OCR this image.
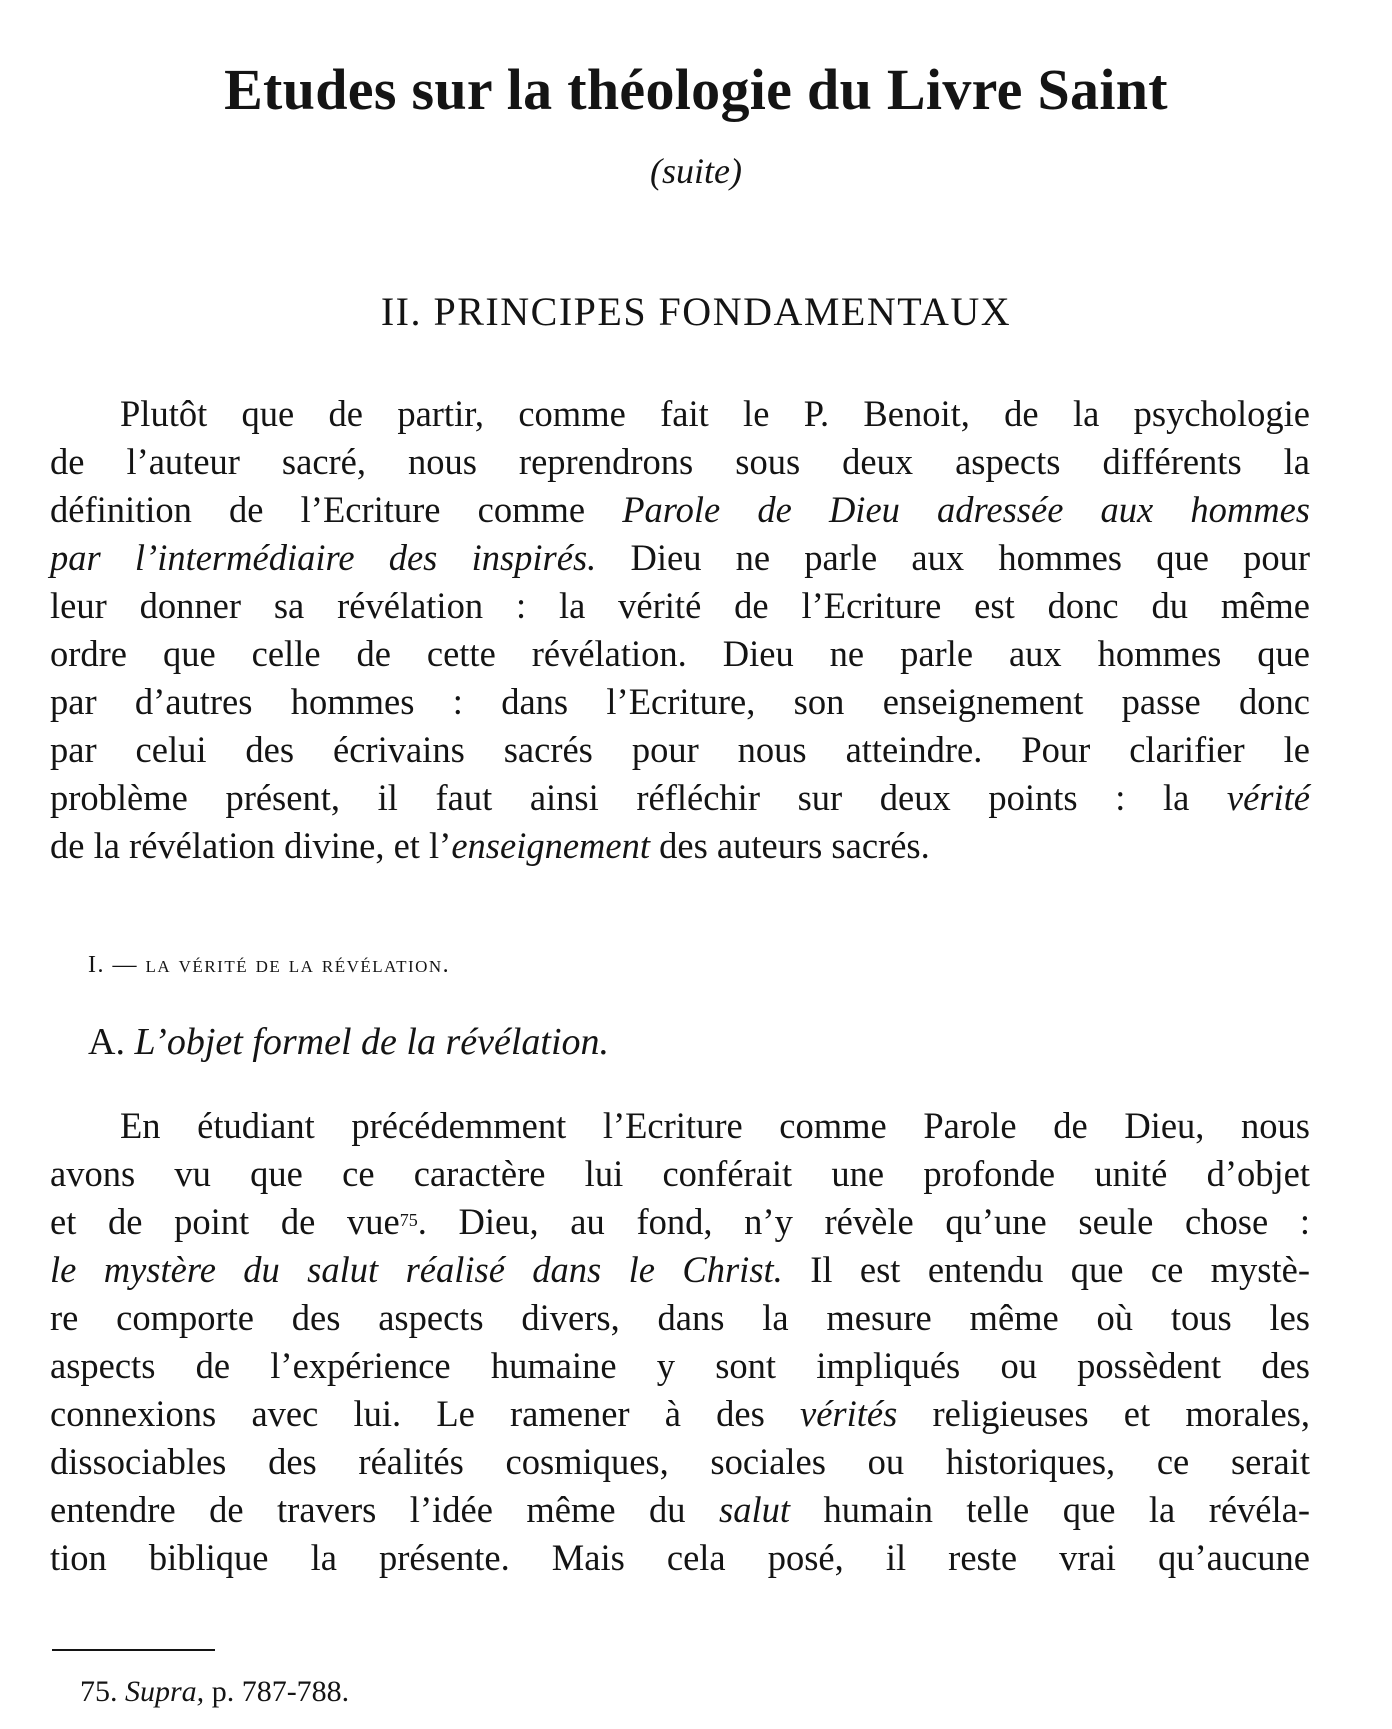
Etudes sur la théologie du Livre Saint
(suite)
II. PRINCIPES FONDAMENTAUX
Plutôt que de partir, comme fait le P. Benoit, de la psychologie
de l’auteur sacré, nous reprendrons sous deux aspects différents la
définition de l’Ecriture comme Parole de Dieu adressée aux hommes
par l’intermédiaire des inspirés. Dieu ne parle aux hommes que pour
leur donner sa révélation : la vérité de l’Ecriture est donc du même
ordre que celle de cette révélation. Dieu ne parle aux hommes que
par d’autres hommes : dans l’Ecriture, son enseignement passe donc
par celui des écrivains sacrés pour nous atteindre. Pour clarifier le
problème présent, il faut ainsi réfléchir sur deux points : la vérité
de la révélation divine, et l’enseignement des auteurs sacrés.
I. — la vérité de la révélation.
A. L’objet formel de la révélation.
En étudiant précédemment l’Ecriture comme Parole de Dieu, nous
avons vu que ce caractère lui conférait une profonde unité d’objet
et de point de vue$^{75}$. Dieu, au fond, n’y révèle qu’une seule chose :
le mystère du salut réalisé dans le Christ. Il est entendu que ce mystè-
re comporte des aspects divers, dans la mesure même où tous les
aspects de l’expérience humaine y sont impliqués ou possèdent des
connexions avec lui. Le ramener à des vérités religieuses et morales,
dissociables des réalités cosmiques, sociales ou historiques, ce serait
entendre de travers l’idée même du salut humain telle que la révéla-
tion biblique la présente. Mais cela posé, il reste vrai qu’aucune
75. Supra, p. 787-788.
